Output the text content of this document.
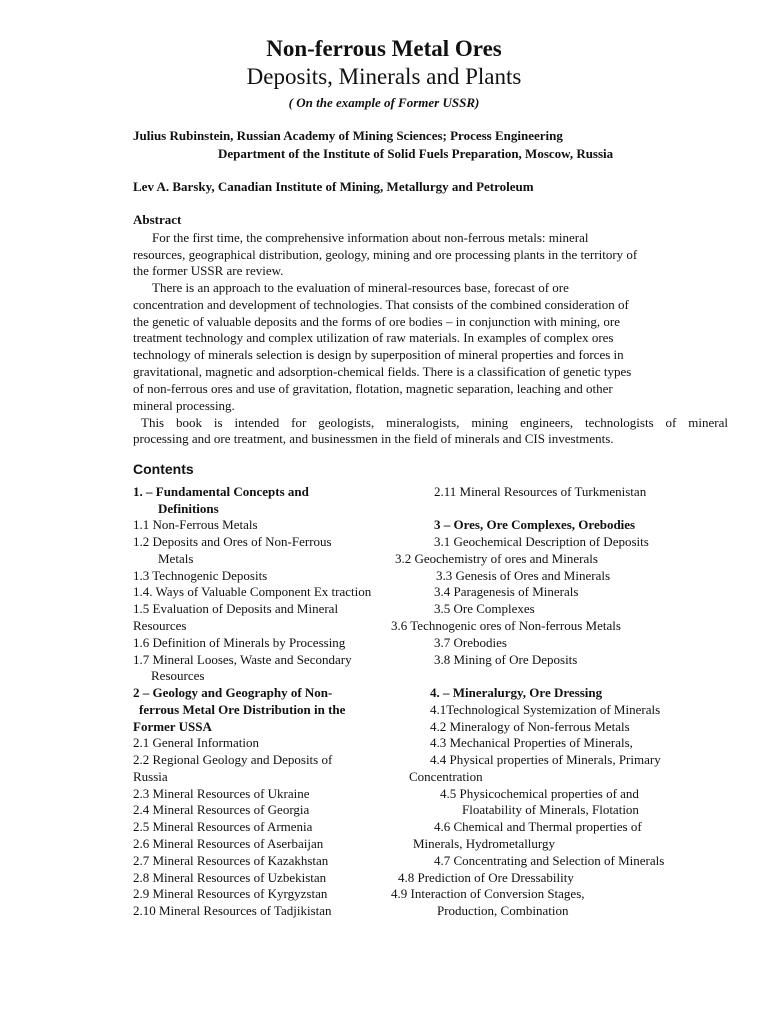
Non-ferrous Metal Ores
Deposits, Minerals and Plants
( On the example of Former USSR)
Julius Rubinstein, Russian Academy of Mining Sciences; Process Engineering
Department of the Institute of Solid Fuels Preparation, Moscow, Russia
Lev A. Barsky, Canadian Institute of Mining, Metallurgy and Petroleum
Abstract
For the first time, the comprehensive information about non-ferrous metals: mineral
resources, geographical distribution, geology, mining and ore processing plants in the territory of
the former USSR are review.
There is an approach to the evaluation of mineral-resources base, forecast of ore
concentration and development of technologies. That consists of the combined consideration of
the genetic of valuable deposits and the forms of ore bodies – in conjunction with mining, ore
treatment technology and complex utilization of raw materials. In examples of complex ores
technology of minerals selection is design by superposition of mineral properties and forces in
gravitational, magnetic and adsorption-chemical fields. There is a classification of genetic types
of non-ferrous ores and use of gravitation, flotation, magnetic separation, leaching and other
mineral processing.
This book is intended for geologists, mineralogists, mining engineers, technologists of mineral
processing and ore treatment, and businessmen in the field of minerals and CIS investments.
Contents
1. – Fundamental Concepts and
Definitions
1.1 Non-Ferrous Metals
1.2 Deposits and Ores of Non-Ferrous
Metals
1.3 Technogenic Deposits
1.4. Ways of Valuable Component Ex traction
1.5 Evaluation of Deposits and Mineral
Resources
1.6 Definition of Minerals by Processing
1.7 Mineral Looses, Waste and Secondary
Resources
2 – Geology and Geography of Non-
ferrous Metal Ore Distribution in the
Former USSA
2.1 General Information
2.2 Regional Geology and Deposits of
Russia
2.3 Mineral Resources of Ukraine
2.4 Mineral Resources of Georgia
2.5 Mineral Resources of Armenia
2.6 Mineral Resources of Aserbaijan
2.7 Mineral Resources of Kazakhstan
2.8 Mineral Resources of Uzbekistan
2.9 Mineral Resources of Kyrgyzstan
2.10 Mineral Resources of Tadjikistan
2.11 Mineral Resources of Turkmenistan
3 – Ores, Ore Complexes, Orebodies
3.1 Geochemical Description of Deposits
3.2 Geochemistry of ores and Minerals
3.3 Genesis of Ores and Minerals
3.4 Paragenesis of Minerals
3.5 Ore Complexes
3.6 Technogenic ores of Non-ferrous Metals
3.7 Orebodies
3.8 Mining of Ore Deposits
4. – Mineralurgy, Ore Dressing
4.1Technological Systemization of Minerals
4.2 Mineralogy of Non-ferrous Metals
4.3 Mechanical Properties of Minerals,
4.4 Physical properties of Minerals, Primary
Concentration
4.5 Physicochemical properties of and
Floatability of Minerals, Flotation
4.6 Chemical and Thermal properties of
Minerals, Hydrometallurgy
4.7 Concentrating and Selection of Minerals
4.8 Prediction of Ore Dressability
4.9 Interaction of Conversion Stages,
Production, Combination
